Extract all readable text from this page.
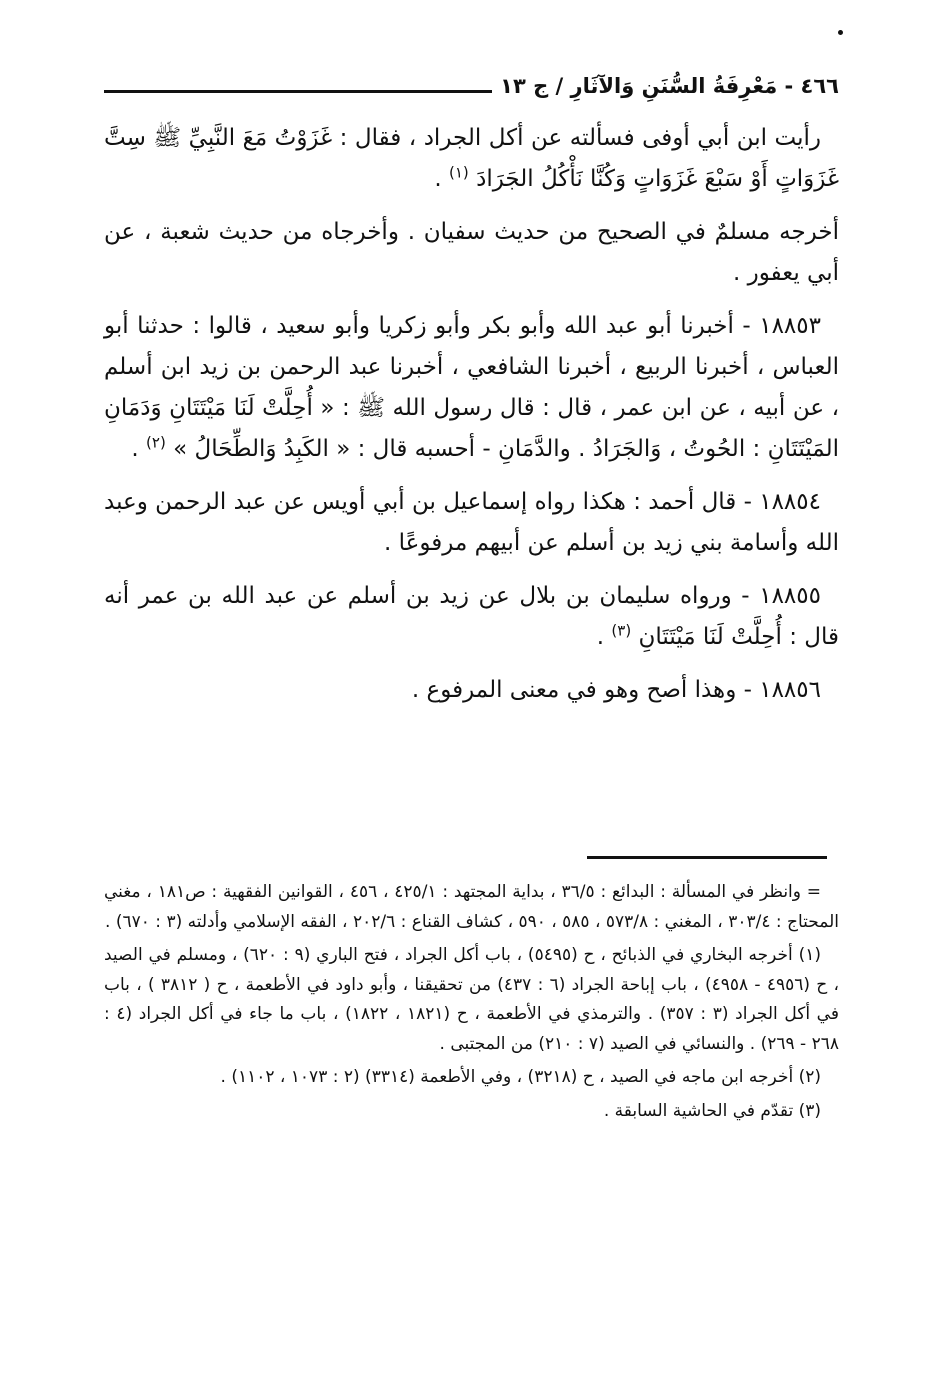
٤٦٦ - مَعْرِفَةُ السُّنَنِ وَالآثَارِ / ج ١٣

رأيت ابن أبي أوفى فسألته عن أكل الجراد ، فقال : غَزَوْتُ مَعَ النَّبِيِّ ﷺ سِتَّ غَزَوَاتٍ أَوْ سَبْعَ غَزَوَاتٍ وَكُنَّا نَأْكُلُ الجَرَادَ $^{(١)}$ .

أخرجه مسلمٌ في الصحيح من حديث سفيان . وأخرجاه من حديث شعبة ، عن أبي يعفور .

١٨٨٥٣ - أخبرنا أبو عبد الله وأبو بكر وأبو زكريا وأبو سعيد ، قالوا : حدثنا أبو العباس ، أخبرنا الربيع ، أخبرنا الشافعي ، أخبرنا عبد الرحمن بن زيد ابن أسلم ، عن أبيه ، عن ابن عمر ، قال : قال رسول الله ﷺ : « أُحِلَّتْ لَنَا مَيْتَتَانِ وَدَمَانِ المَيْتَتَانِ : الحُوتُ ، وَالجَرَادُ . والدَّمَانِ - أحسبه قال : « الكَبِدُ وَالطِّحَالُ » $^{(٢)}$ .

١٨٨٥٤ - قال أحمد : هكذا رواه إسماعيل بن أبي أويس عن عبد الرحمن وعبد الله وأسامة بني زيد بن أسلم عن أبيهم مرفوعًا .

١٨٨٥٥ - ورواه سليمان بن بلال عن زيد بن أسلم عن عبد الله بن عمر أنه قال : أُحِلَّتْ لَنَا مَيْتَتَانِ $^{(٣)}$ .

١٨٨٥٦ - وهذا أصح وهو في معنى المرفوع .

= وانظر في المسألة : البدائع : ٣٦/٥ ، بداية المجتهد : ٤٢٥/١ ، ٤٥٦ ، القوانين الفقهية : ص١٨١ ، مغني المحتاج : ٣٠٣/٤ ، المغني : ٥٧٣/٨ ، ٥٨٥ ، ٥٩٠ ، كشاف القناع : ٢٠٢/٦ ، الفقه الإسلامي وأدلته (٣ : ٦٧٠) .

(١) أخرجه البخاري في الذبائح ، ح (٥٤٩٥) ، باب أكل الجراد ، فتح الباري (٩ : ٦٢٠) ، ومسلم في الصيد ، ح (٤٩٥٦ - ٤٩٥٨) ، باب إباحة الجراد (٦ : ٤٣٧) من تحقيقنا ، وأبو داود في الأطعمة ، ح ( ٣٨١٢ ) ، باب في أكل الجراد (٣ : ٣٥٧) . والترمذي في الأطعمة ، ح (١٨٢١ ، ١٨٢٢) ، باب ما جاء في أكل الجراد (٤ : ٢٦٨ - ٢٦٩) . والنسائي في الصيد (٧ : ٢١٠) من المجتبى .

(٢) أخرجه ابن ماجه في الصيد ، ح (٣٢١٨) ، وفي الأطعمة (٣٣١٤) (٢ : ١٠٧٣ ، ١١٠٢) .

(٣) تقدّم في الحاشية السابقة .
